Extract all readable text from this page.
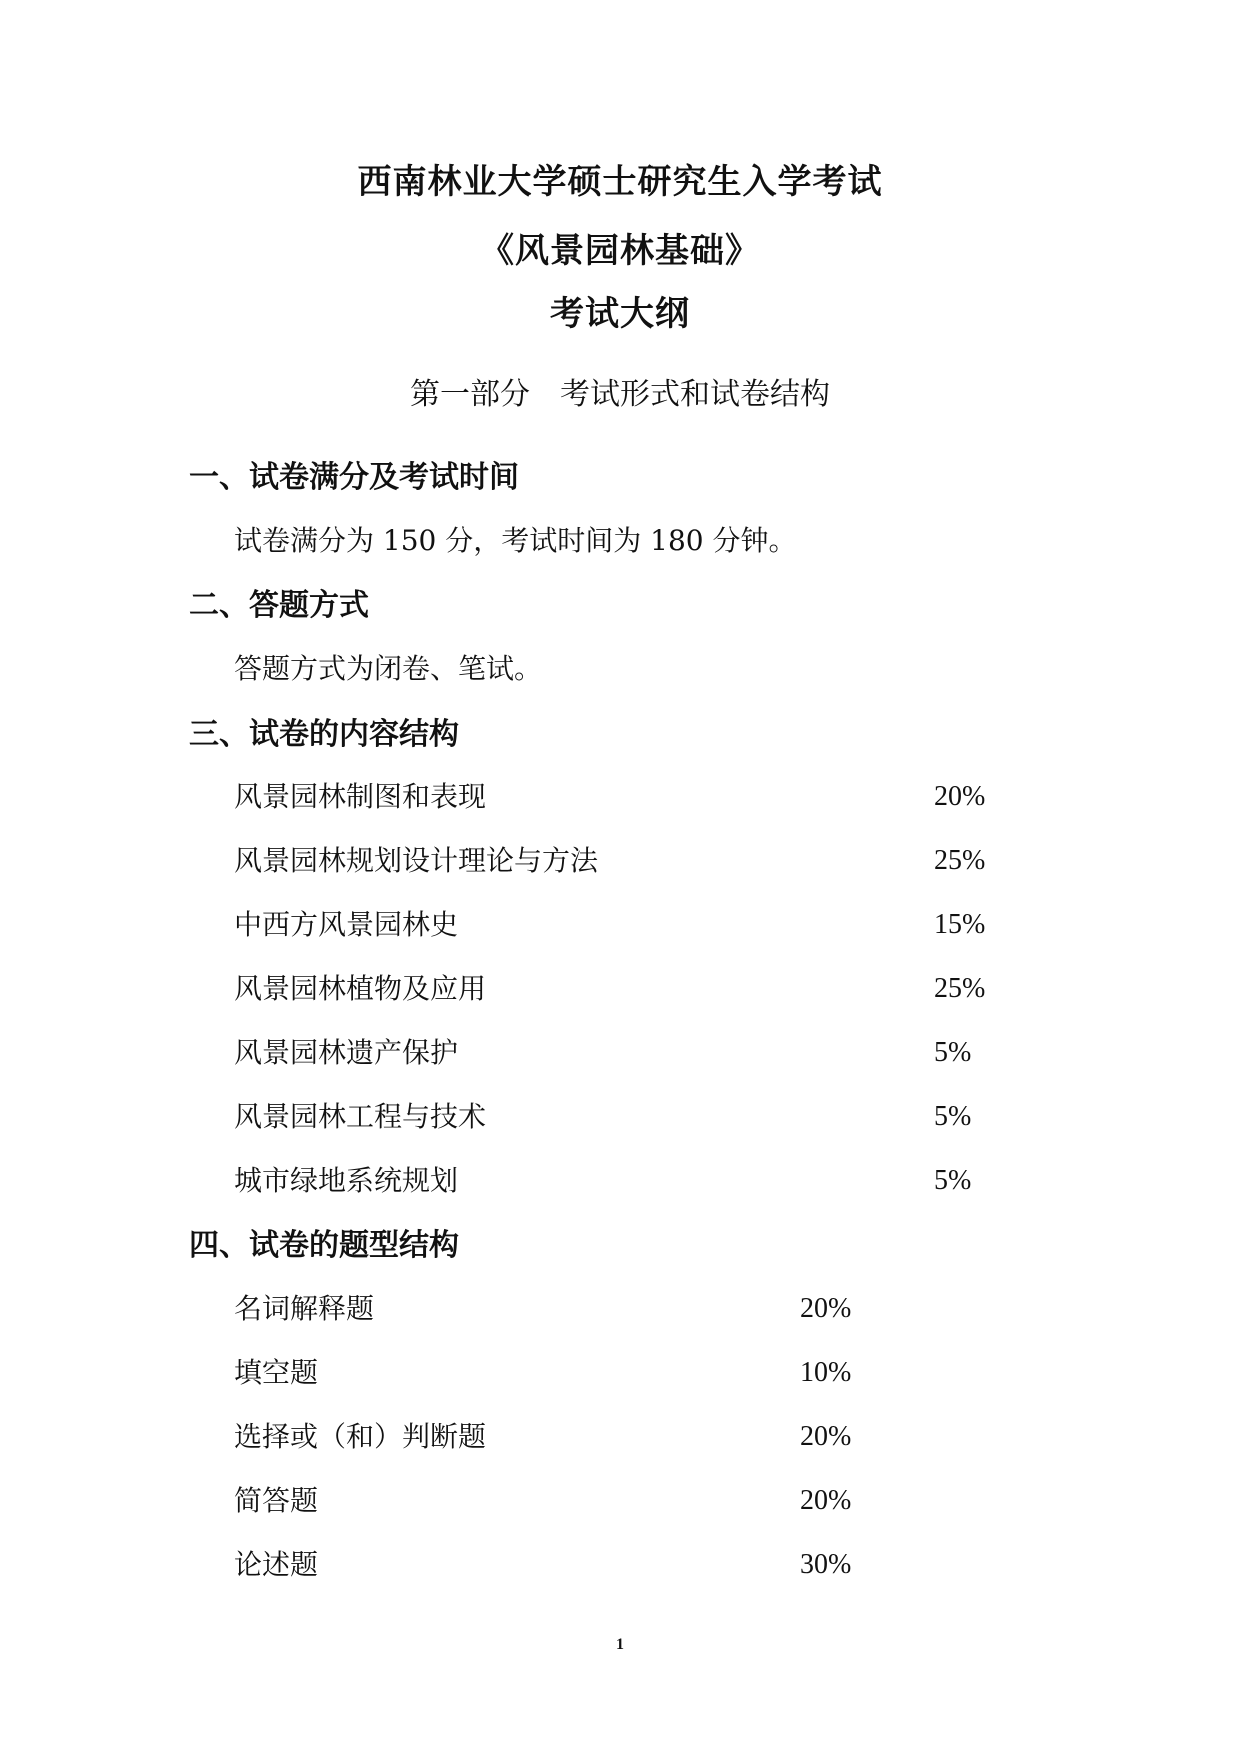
西南林业大学硕士研究生入学考试
《风景园林基础》
考试大纲
第一部分　考试形式和试卷结构
一、试卷满分及考试时间
试卷满分为 150 分，考试时间为 180 分钟。
二、答题方式
答题方式为闭卷、笔试。
三、试卷的内容结构
风景园林制图和表现	20%
风景园林规划设计理论与方法	25%
中西方风景园林史	15%
风景园林植物及应用	25%
风景园林遗产保护	5%
风景园林工程与技术	5%
城市绿地系统规划	5%
四、试卷的题型结构
名词解释题	20%
填空题	10%
选择或（和）判断题	20%
简答题	20%
论述题	30%
1
